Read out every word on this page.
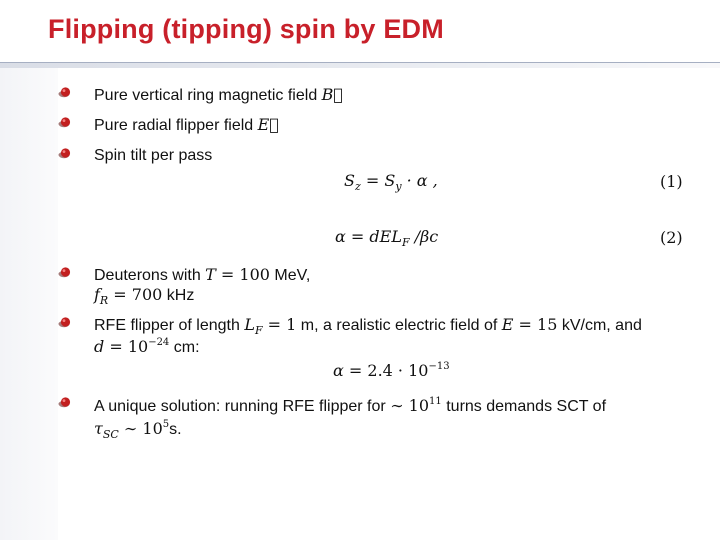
Flipping (tipping) spin by EDM
Pure vertical ring magnetic field B⃗
Pure radial flipper field E⃗
Spin tilt per pass
$S_z = S_y \cdot \alpha$ ,	(1)
α = dEL$_F$ /βc	(2)
Deuterons with T = 100 MeV,
$f_R = 700$ kHz
RFE flipper of length $L_F = 1$ m, a realistic electric field of E = 15 kV/cm, and
$d = 10^{-24}$ cm:
$\alpha = 2.4 \cdot 10^{-13}$
A unique solution: running RFE flipper for ∼ $10^{11}$ turns demands SCT of
$\tau_{SC}$ ∼ $10^5s$.
